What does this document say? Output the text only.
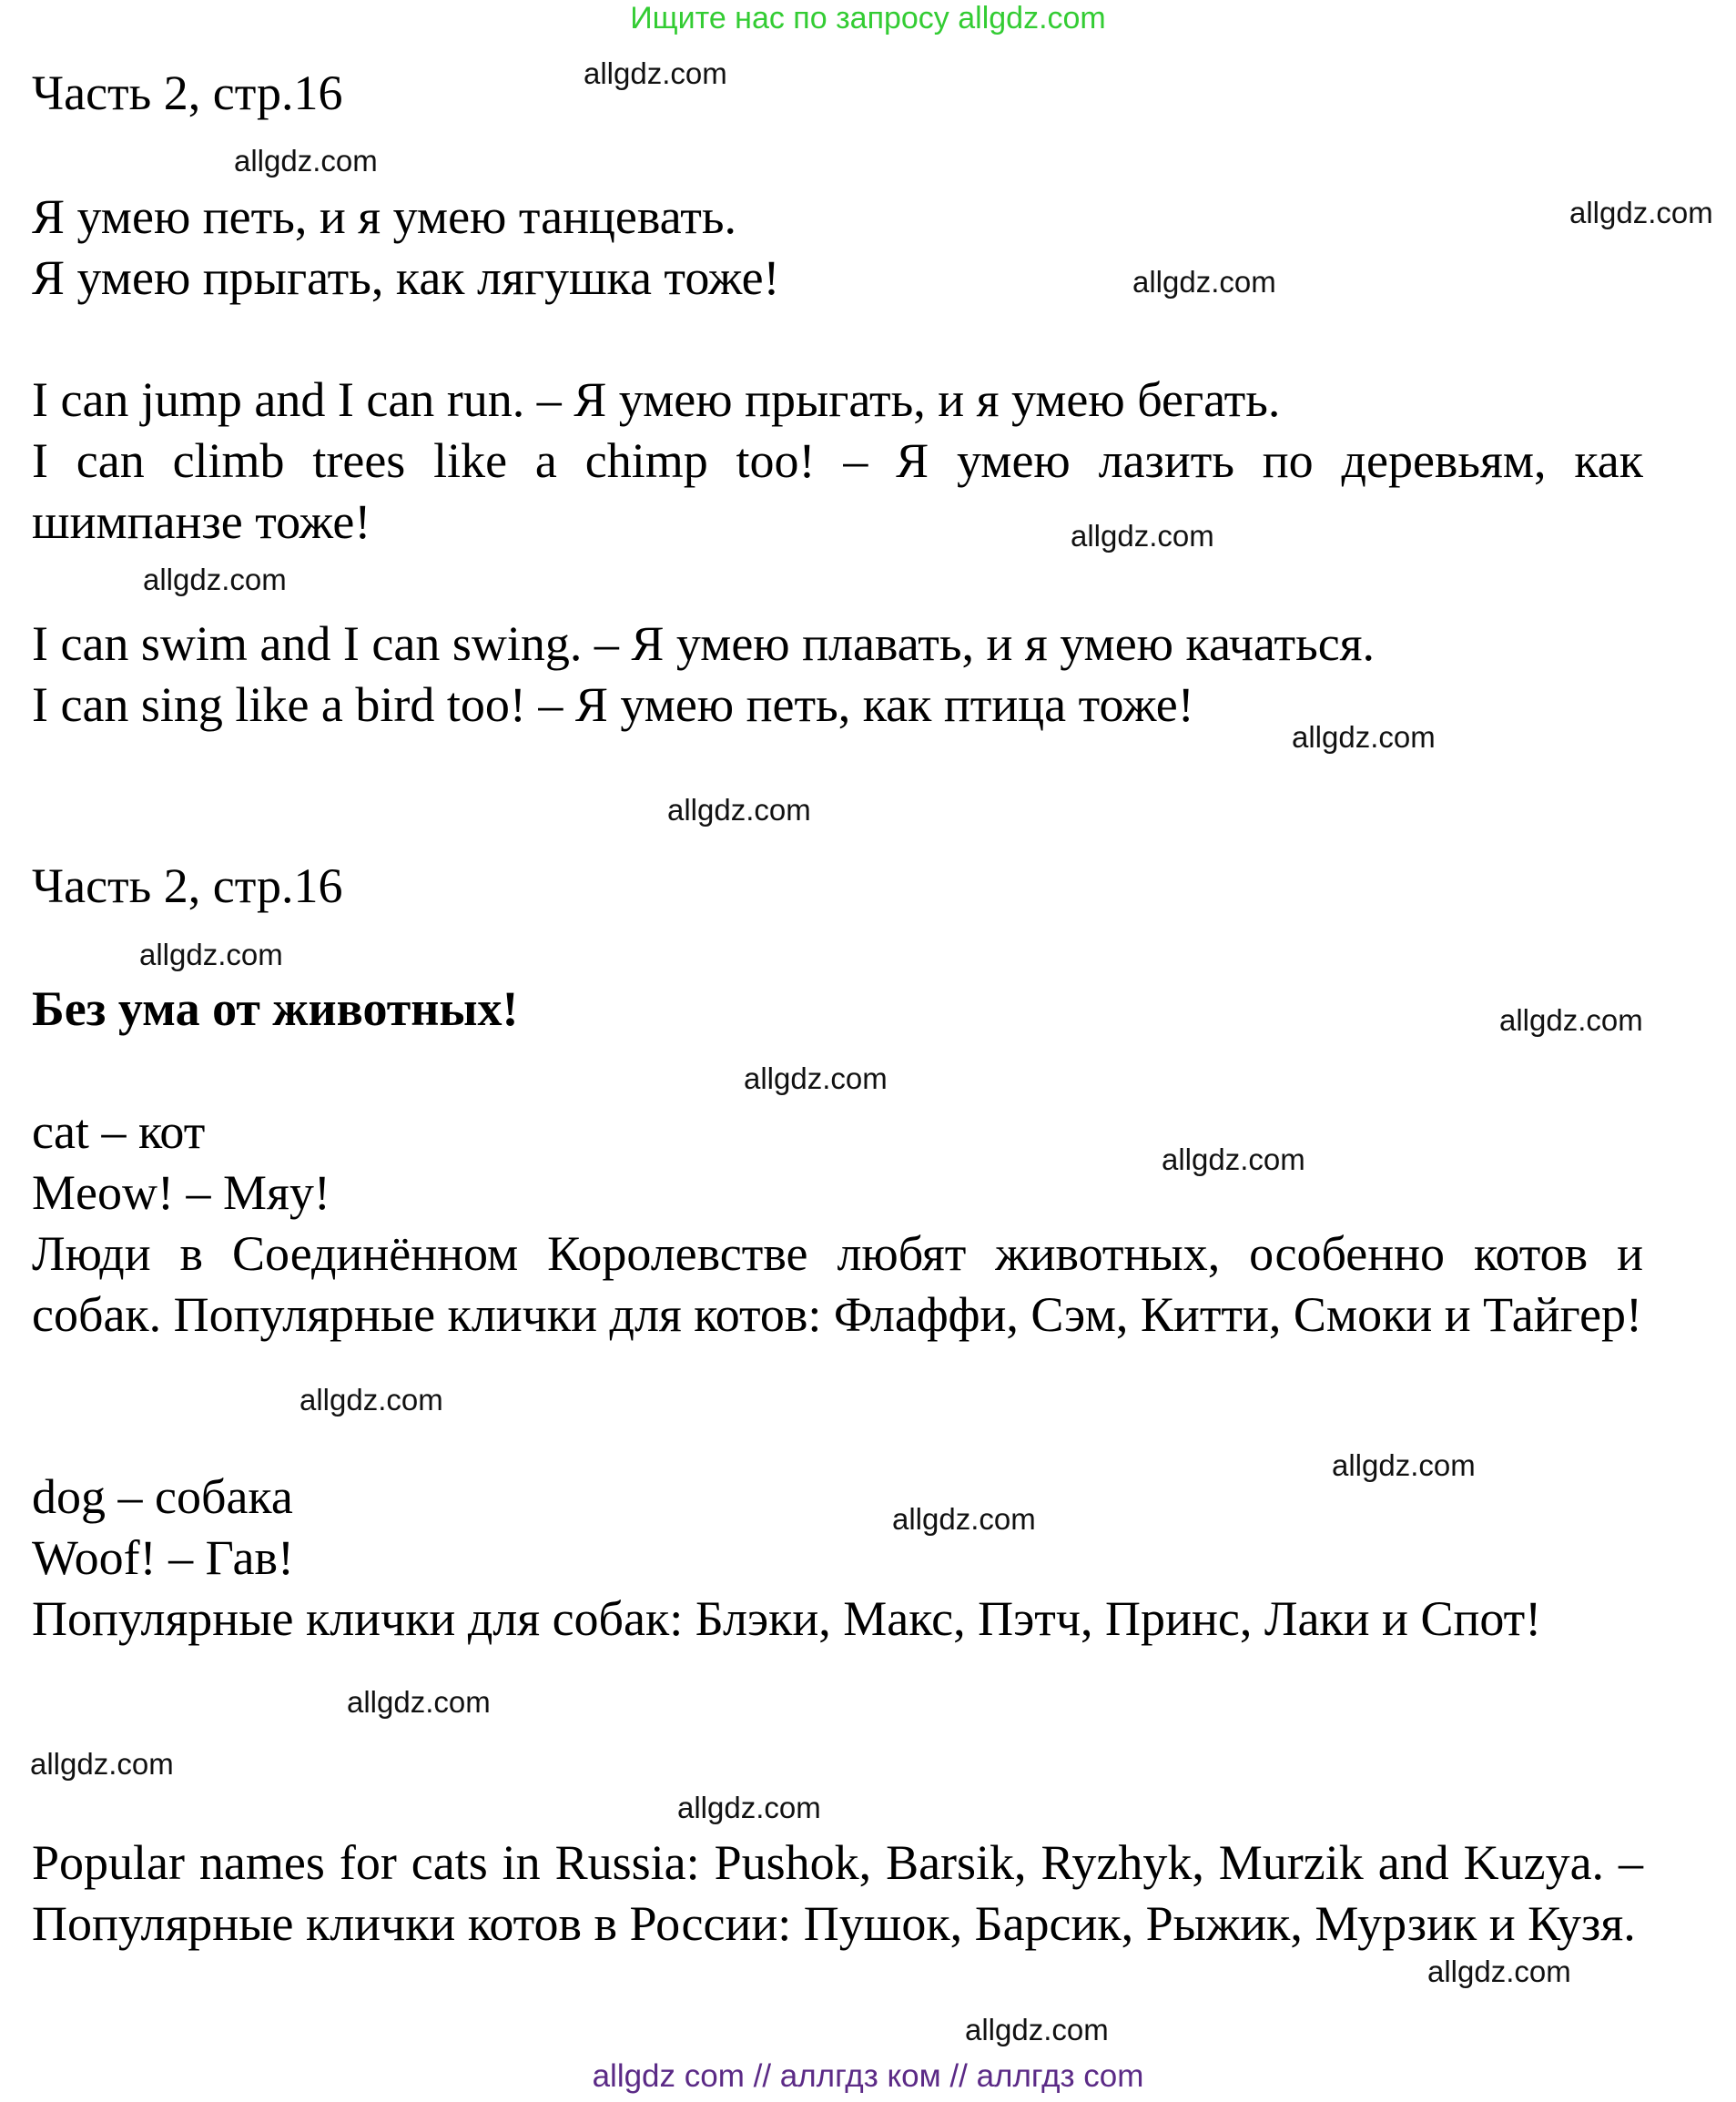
Ищите нас по запросу allgdz.com
Часть 2, стр.16
Я умею петь, и я умею танцевать.
Я умею прыгать, как лягушка тоже!
I can jump and I can run. – Я умею прыгать, и я умею бегать.
I can climb trees like a chimp too! – Я умею лазить по деревьям, как шимпанзе тоже!
I can swim and I can swing. – Я умею плавать, и я умею качаться.
I can sing like a bird too! – Я умею петь, как птица тоже!
Часть 2, стр.16
Без ума от животных!
cat – кот
Meow! – Мяу!
Люди в Соединённом Королевстве любят животных, особенно котов и собак. Популярные клички для котов: Флаффи, Сэм, Китти, Смоки и Тайгер!
dog – собака
Woof! – Гав!
Популярные клички для собак: Блэки, Макс, Пэтч, Принс, Лаки и Спот!
Popular names for cats in Russia: Pushok, Barsik, Ryzhyk, Murzik and Kuzya. – Популярные клички котов в России: Пушок, Барсик, Рыжик, Мурзик и Кузя.
allgdz.com
allgdz.com
allgdz.com
allgdz.com
allgdz.com
allgdz.com
allgdz.com
allgdz.com
allgdz.com
allgdz.com
allgdz.com
allgdz.com
allgdz.com
allgdz.com
allgdz.com
allgdz.com
allgdz.com
allgdz.com
allgdz.com
allgdz.com
allgdz com // аллгдз ком // аллгдз com
